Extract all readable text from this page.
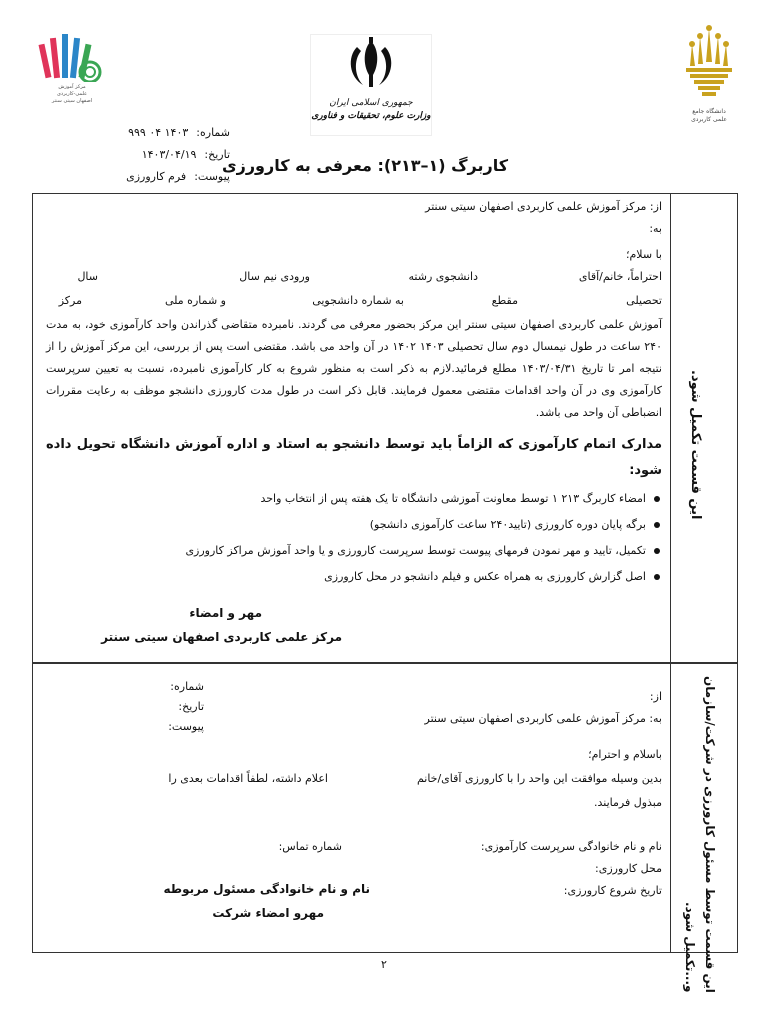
دانشگاه جامع
علمی کاربردی
جمهوری اسلامی ایران
وزارت علوم، تحقیقات و فناوری
مرکز آموزش
علمی-کاربردی
اصفهان سیتی سنتر
شماره:
۱۴۰۳ ۰۴ ۹۹۹
تاریخ:
۱۴۰۳/۰۴/۱۹
پیوست:
فرم کارورزی
کاربرگ (۱–۲۱۳): معرفی به کارورزی
این قسمت تکمیل شود.
از: مرکز آموزش علمی کاربردی اصفهان سیتی سنتر
به:
با سلام؛
احتراماً، خانم/آقای
دانشجوی رشته
ورودی نیم سال
سال
تحصیلی
مقطع
به شماره دانشجویی
و شماره ملی
مرکز
آموزش علمی کاربردی اصفهان سیتی سنتر این مرکز بحضور معرفی می گردند. نامبرده متقاضی گذراندن واحد کارآموزی خود، به مدت ۲۴۰ ساعت در طول نیمسال دوم سال تحصیلی ۱۴۰۳ ۱۴۰۲ در آن واحد می باشد. مقتضی است پس از بررسی، این مرکز آموزش را از نتیجه امر تا تاریخ ۱۴۰۳/۰۴/۳۱ مطلع فرمائید.لازم به ذکر است به منظور شروع به کار کارآموزی نامبرده، نسبت به تعیین سرپرست کارآموزی وی در آن واحد اقدامات مقتضی معمول فرمایند. قابل ذکر است در طول مدت کارورزی دانشجو موظف به رعایت مقررات انضباطی آن واحد می باشد.
مدارک اتمام کارآموزی که الزاماً باید توسط دانشجو به استاد و اداره آموزش دانشگاه تحویل داده شود:
امضاء کاربرگ ۲۱۳ ۱ توسط معاونت آموزشی دانشگاه تا یک هفته پس از انتخاب واحد
برگه پایان دوره کارورزی (تایید۲۴۰ ساعت کارآموزی دانشجو)
تکمیل، تایید و مهر نمودن فرمهای پیوست توسط سرپرست کارورزی و یا واحد آموزش مراکز کارورزی
اصل گزارش کارورزی به همراه عکس و فیلم دانشجو در محل کارورزی
مهر و امضاء
مرکز علمی کاربردی اصفهان سیتی سنتر
این قسمت توسط مسئول کارورزی در شرکت/سازمان
و...تکمیل شود.
شماره:
تاریخ:
پیوست:
از:
به: مرکز آموزش علمی کاربردی اصفهان سیتی سنتر
باسلام و احترام؛
بدین وسیله موافقت این واحد را با کارورزی آقای/خانم
اعلام داشته، لطفاً اقدامات بعدی را
مبذول فرمایند.
نام و نام خانوادگی سرپرست کارآموزی:
شماره تماس:
محل کارورزی:
تاریخ شروع کارورزی:
نام و نام خانوادگی مسئول مربوطه
مهرو امضاء شرکت
۲
